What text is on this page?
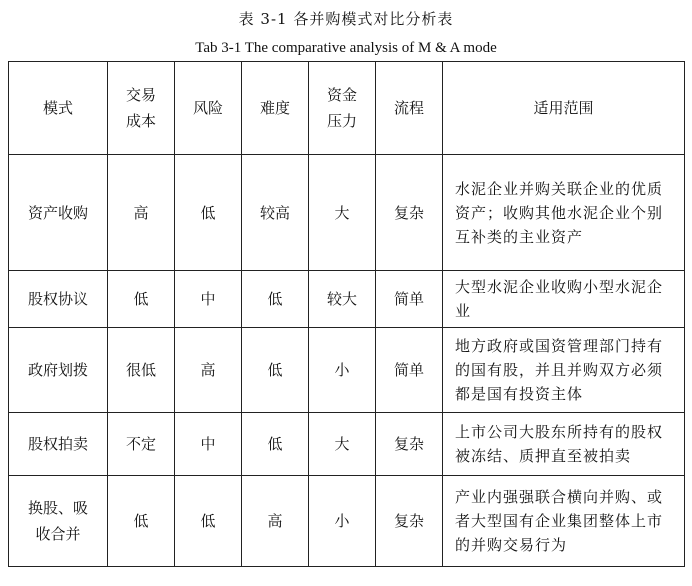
表 3-1 各并购模式对比分析表
Tab 3-1 The comparative analysis of M & A mode
模式	交易成本	风险	难度	资金压力	流程	适用范围
资产收购	高	低	较高	大	复杂	水泥企业并购关联企业的优质资产；收购其他水泥企业个别互补类的主业资产
股权协议	低	中	低	较大	简单	大型水泥企业收购小型水泥企业
政府划拨	很低	高	低	小	简单	地方政府或国资管理部门持有的国有股，并且并购双方必须都是国有投资主体
股权拍卖	不定	中	低	大	复杂	上市公司大股东所持有的股权被冻结、质押直至被拍卖
换股、吸收合并	低	低	高	小	复杂	产业内强强联合横向并购、或者大型国有企业集团整体上市的并购交易行为
